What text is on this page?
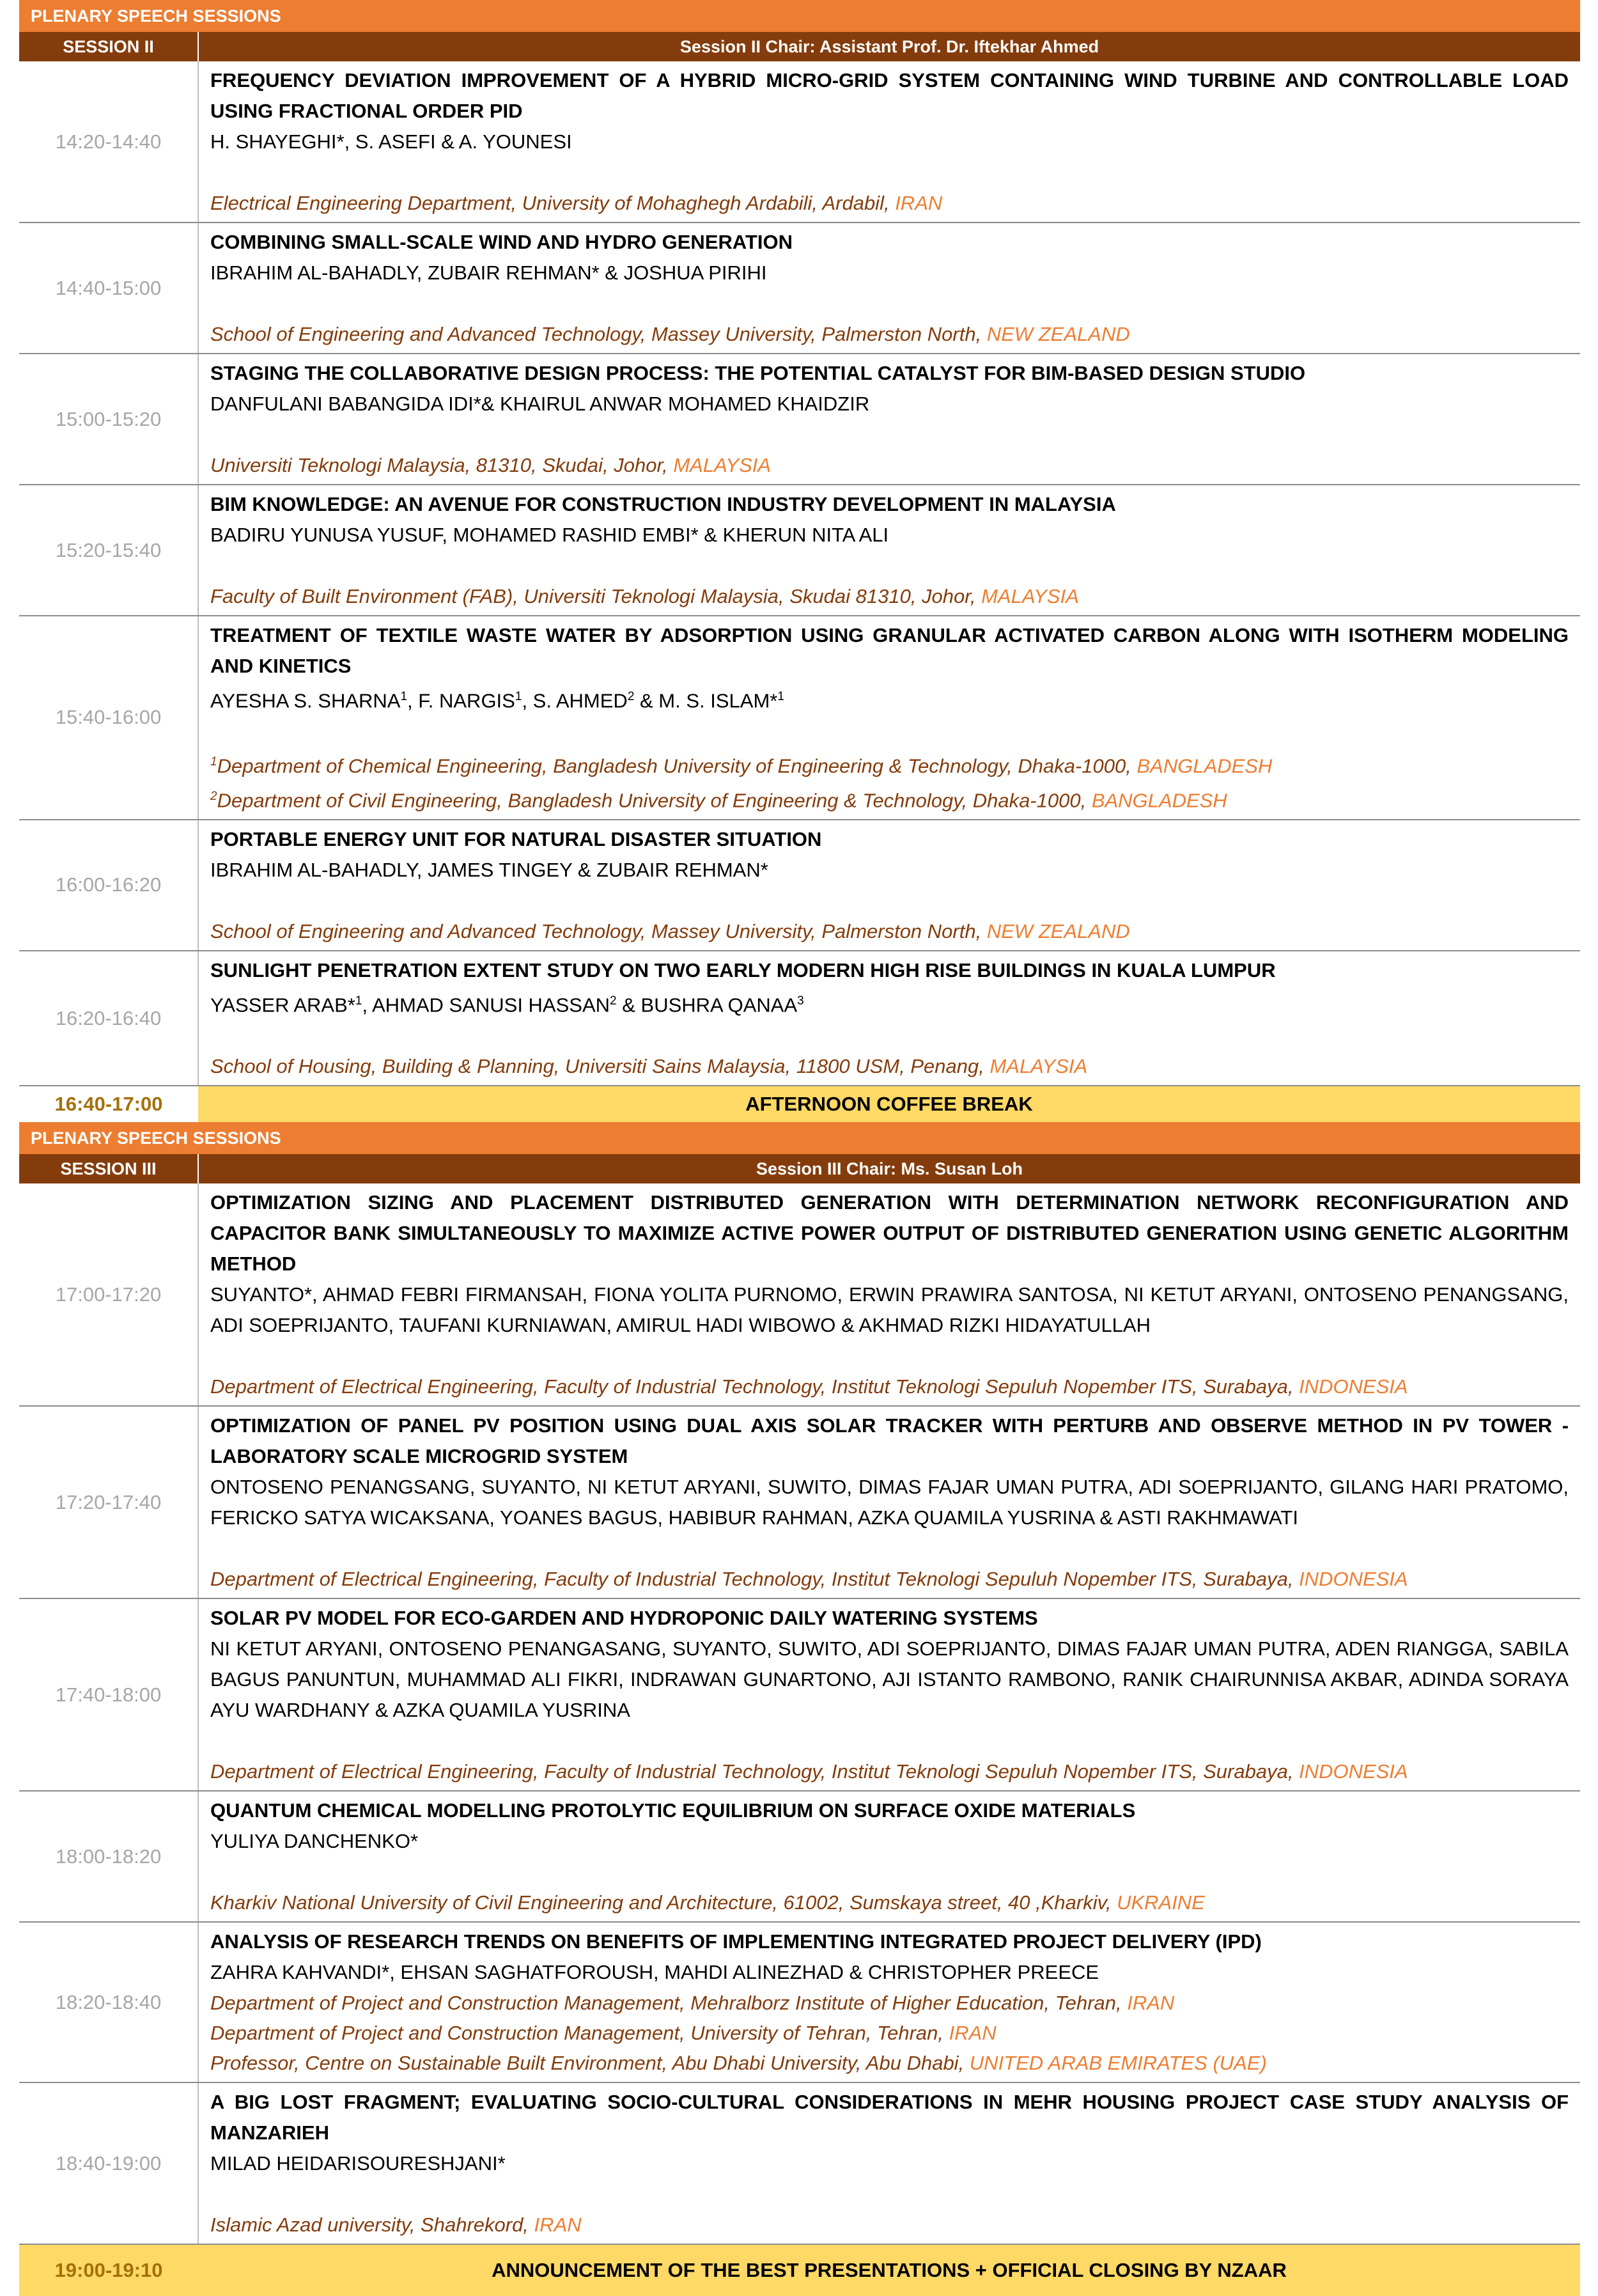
PLENARY SPEECH SESSIONS	
SESSION II	Session II Chair: Assistant Prof. Dr. Iftekhar Ahmed
14:20-14:40	FREQUENCY DEVIATION IMPROVEMENT OF A HYBRID MICRO-GRID SYSTEM CONTAINING WIND TURBINE AND CONTROLLABLE LOAD USING FRACTIONAL ORDER PID
H. SHAYEGHI*, S. ASEFI & A. YOUNESI
Electrical Engineering Department, University of Mohaghegh Ardabili, Ardabil, IRAN

14:40-15:00	COMBINING SMALL-SCALE WIND AND HYDRO GENERATION
IBRAHIM AL-BAHADLY, ZUBAIR REHMAN* & JOSHUA PIRIHI
School of Engineering and Advanced Technology, Massey University, Palmerston North, NEW ZEALAND

15:00-15:20	STAGING THE COLLABORATIVE DESIGN PROCESS: THE POTENTIAL CATALYST FOR BIM-BASED DESIGN STUDIO
DANFULANI BABANGIDA IDI*& KHAIRUL ANWAR MOHAMED KHAIDZIR
Universiti Teknologi Malaysia, 81310, Skudai, Johor, MALAYSIA

15:20-15:40	BIM KNOWLEDGE: AN AVENUE FOR CONSTRUCTION INDUSTRY DEVELOPMENT IN MALAYSIA
BADIRU YUNUSA YUSUF, MOHAMED RASHID EMBI* & KHERUN NITA ALI
Faculty of Built Environment (FAB), Universiti Teknologi Malaysia, Skudai 81310, Johor, MALAYSIA

15:40-16:00	TREATMENT OF TEXTILE WASTE WATER BY ADSORPTION USING GRANULAR ACTIVATED CARBON ALONG WITH ISOTHERM MODELING AND KINETICS
AYESHA S. SHARNA$^1$, F. NARGIS$^1$, S. AHMED$^2$ & M. S. ISLAM*$^1$
$^1$Department of Chemical Engineering, Bangladesh University of Engineering & Technology, Dhaka-1000, BANGLADESH
$^2$Department of Civil Engineering, Bangladesh University of Engineering & Technology, Dhaka-1000, BANGLADESH

16:00-16:20	PORTABLE ENERGY UNIT FOR NATURAL DISASTER SITUATION
IBRAHIM AL-BAHADLY, JAMES TINGEY & ZUBAIR REHMAN*
School of Engineering and Advanced Technology, Massey University, Palmerston North, NEW ZEALAND

16:20-16:40	SUNLIGHT PENETRATION EXTENT STUDY ON TWO EARLY MODERN HIGH RISE BUILDINGS IN KUALA LUMPUR
YASSER ARAB*$^1$, AHMAD SANUSI HASSAN$^2$ & BUSHRA QANAA$^3$
School of Housing, Building & Planning, Universiti Sains Malaysia, 11800 USM, Penang, MALAYSIA

16:40-17:00	AFTERNOON COFFEE BREAK
PLENARY SPEECH SESSIONS	
SESSION III	Session III Chair: Ms. Susan Loh
17:00-17:20	OPTIMIZATION SIZING AND PLACEMENT DISTRIBUTED GENERATION WITH DETERMINATION NETWORK RECONFIGURATION AND CAPACITOR BANK SIMULTANEOUSLY TO MAXIMIZE ACTIVE POWER OUTPUT OF DISTRIBUTED GENERATION USING GENETIC ALGORITHM METHOD
SUYANTO*, AHMAD FEBRI FIRMANSAH, FIONA YOLITA PURNOMO, ERWIN PRAWIRA SANTOSA, NI KETUT ARYANI, ONTOSENO PENANGSANG, ADI SOEPRIJANTO, TAUFANI KURNIAWAN, AMIRUL HADI WIBOWO & AKHMAD RIZKI HIDAYATULLAH
Department of Electrical Engineering, Faculty of Industrial Technology, Institut Teknologi Sepuluh Nopember ITS, Surabaya, INDONESIA

17:20-17:40	OPTIMIZATION OF PANEL PV POSITION USING DUAL AXIS SOLAR TRACKER WITH PERTURB AND OBSERVE METHOD IN PV TOWER - LABORATORY SCALE MICROGRID SYSTEM
ONTOSENO PENANGSANG, SUYANTO, NI KETUT ARYANI, SUWITO, DIMAS FAJAR UMAN PUTRA, ADI SOEPRIJANTO, GILANG HARI PRATOMO, FERICKO SATYA WICAKSANA, YOANES BAGUS, HABIBUR RAHMAN, AZKA QUAMILA YUSRINA & ASTI RAKHMAWATI
Department of Electrical Engineering, Faculty of Industrial Technology, Institut Teknologi Sepuluh Nopember ITS, Surabaya, INDONESIA

17:40-18:00	SOLAR PV MODEL FOR ECO-GARDEN AND HYDROPONIC DAILY WATERING SYSTEMS
NI KETUT ARYANI, ONTOSENO PENANGASANG, SUYANTO, SUWITO, ADI SOEPRIJANTO, DIMAS FAJAR UMAN PUTRA, ADEN RIANGGA, SABILA BAGUS PANUNTUN, MUHAMMAD ALI FIKRI, INDRAWAN GUNARTONO, AJI ISTANTO RAMBONO, RANIK CHAIRUNNISA AKBAR, ADINDA SORAYA AYU WARDHANY & AZKA QUAMILA YUSRINA
Department of Electrical Engineering, Faculty of Industrial Technology, Institut Teknologi Sepuluh Nopember ITS, Surabaya, INDONESIA

18:00-18:20	QUANTUM CHEMICAL MODELLING PROTOLYTIC EQUILIBRIUM ON SURFACE OXIDE MATERIALS
YULIYA DANCHENKO*
Kharkiv National University of Civil Engineering and Architecture, 61002, Sumskaya street, 40 ,Kharkiv, UKRAINE

18:20-18:40	ANALYSIS OF RESEARCH TRENDS ON BENEFITS OF IMPLEMENTING INTEGRATED PROJECT DELIVERY (IPD)
ZAHRA KAHVANDI*, EHSAN SAGHATFOROUSH, MAHDI ALINEZHAD & CHRISTOPHER PREECE
Department of Project and Construction Management, Mehralborz Institute of Higher Education, Tehran, IRAN
Department of Project and Construction Management, University of Tehran, Tehran, IRAN
Professor, Centre on Sustainable Built Environment, Abu Dhabi University, Abu Dhabi, UNITED ARAB EMIRATES (UAE)

18:40-19:00	A BIG LOST FRAGMENT; EVALUATING SOCIO-CULTURAL CONSIDERATIONS IN MEHR HOUSING PROJECT CASE STUDY ANALYSIS OF MANZARIEH
MILAD HEIDARISOURESHJANI*
Islamic Azad university, Shahrekord, IRAN

19:00-19:10	ANNOUNCEMENT OF THE BEST PRESENTATIONS + OFFICIAL CLOSING BY NZAAR
